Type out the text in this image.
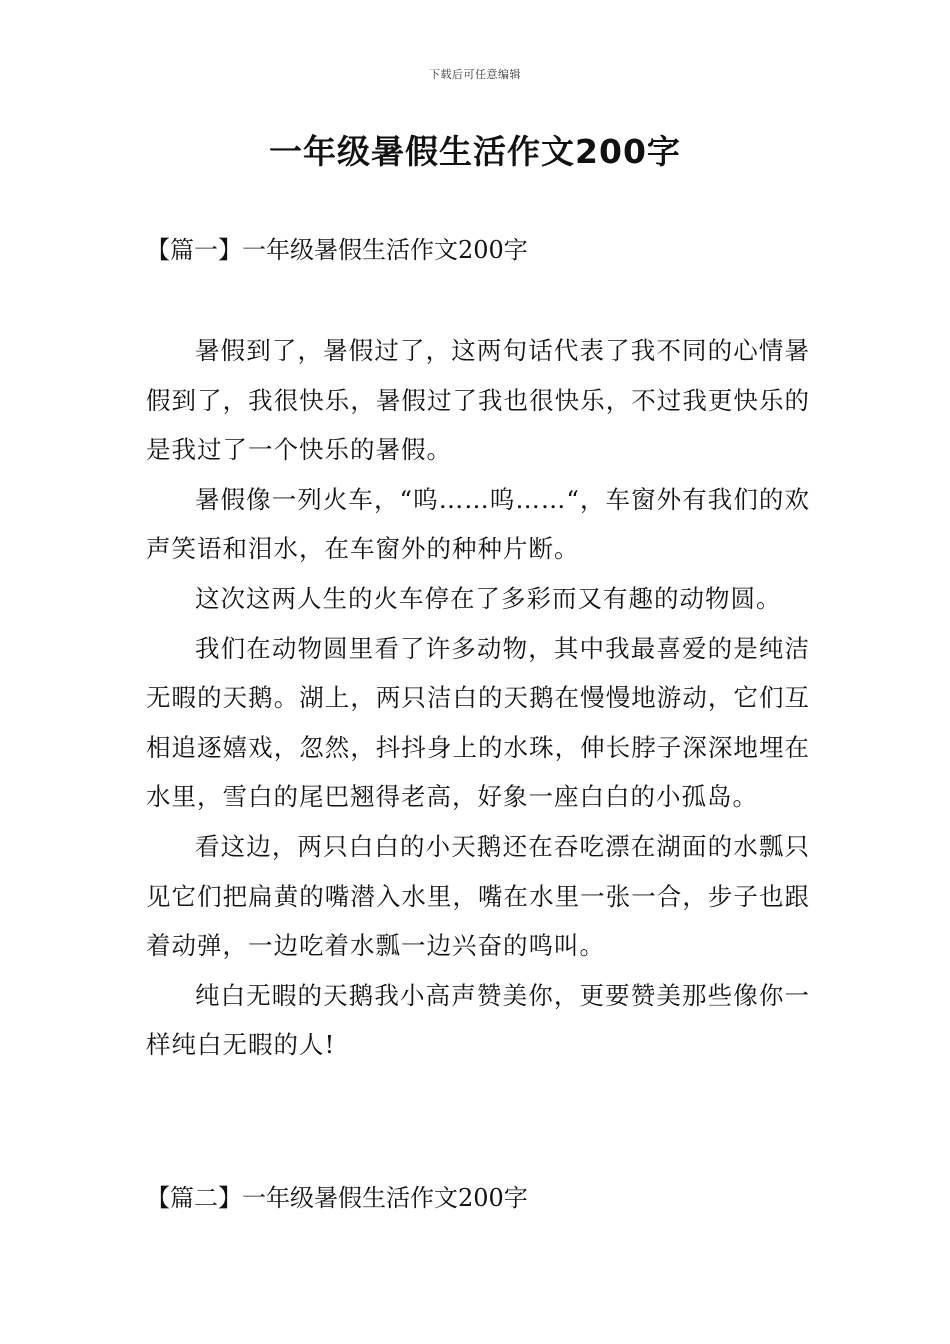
下载后可任意编辑
一年级暑假生活作文200字
【篇一】一年级暑假生活作文200字

暑假到了，暑假过了，这两句话代表了我不同的心情暑假到了，我很快乐，暑假过了我也很快乐，不过我更快乐的是我过了一个快乐的暑假。

暑假像一列火车，“呜……呜……“，车窗外有我们的欢声笑语和泪水，在车窗外的种种片断。

这次这两人生的火车停在了多彩而又有趣的动物圆。

我们在动物圆里看了许多动物，其中我最喜爱的是纯洁无暇的天鹅。湖上，两只洁白的天鹅在慢慢地游动，它们互相追逐嬉戏，忽然，抖抖身上的水珠，伸长脖子深深地埋在水里，雪白的尾巴翘得老高，好象一座白白的小孤岛。

看这边，两只白白的小天鹅还在吞吃漂在湖面的水瓢只见它们把扁黄的嘴潜入水里，嘴在水里一张一合，步子也跟着动弹，一边吃着水瓢一边兴奋的鸣叫。

纯白无暇的天鹅我小高声赞美你，更要赞美那些像你一样纯白无暇的人!

【篇二】一年级暑假生活作文200字
